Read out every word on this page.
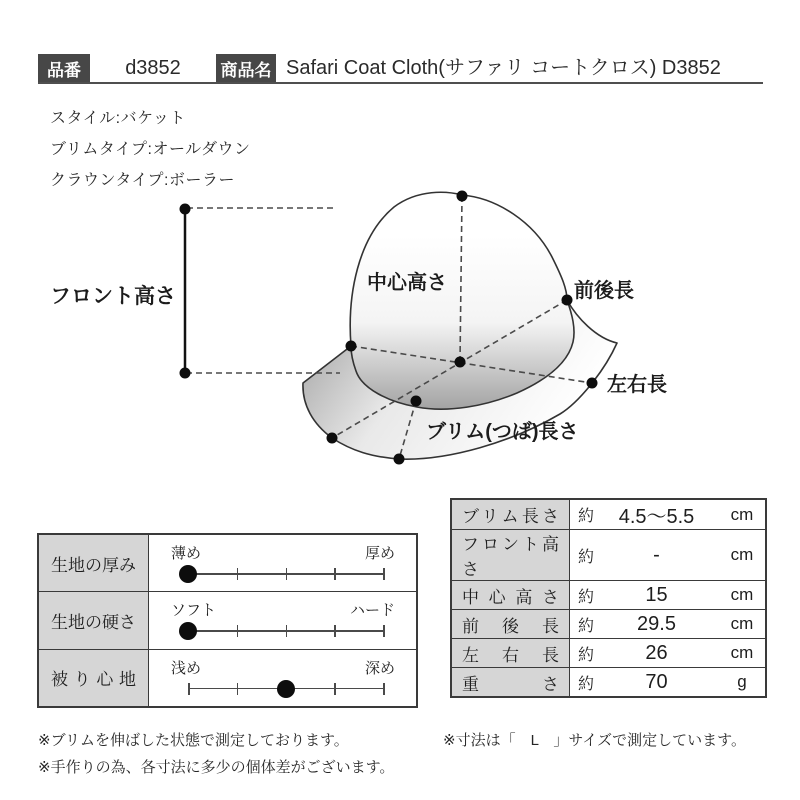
品番	d3852	商品名 Safari Coat Cloth(サファリ コートクロス) D3852
スタイル:バケット
ブリムタイプ:オールダウン
クラウンタイプ:ボーラー
フロント高さ
中心高さ	前後長
左右長
ブリム(つば)長さ
生地の厚み
薄め	厚め
生地の硬さ
ソフト	ハード
被り心地
浅め	深め
ブリム長さ 約	4.5～5.5	cm
フロント高さ
約	-	cm
中心高さ 約	15	cm
前後長 約	29.5	cm
左右長 約	26	cm
重さ 約	70	g
※ブリムを伸ばした状態で測定しております。
※手作りの為、各寸法に多少の個体差がございます。
※寸法は「　L　」サイズで測定しています。
